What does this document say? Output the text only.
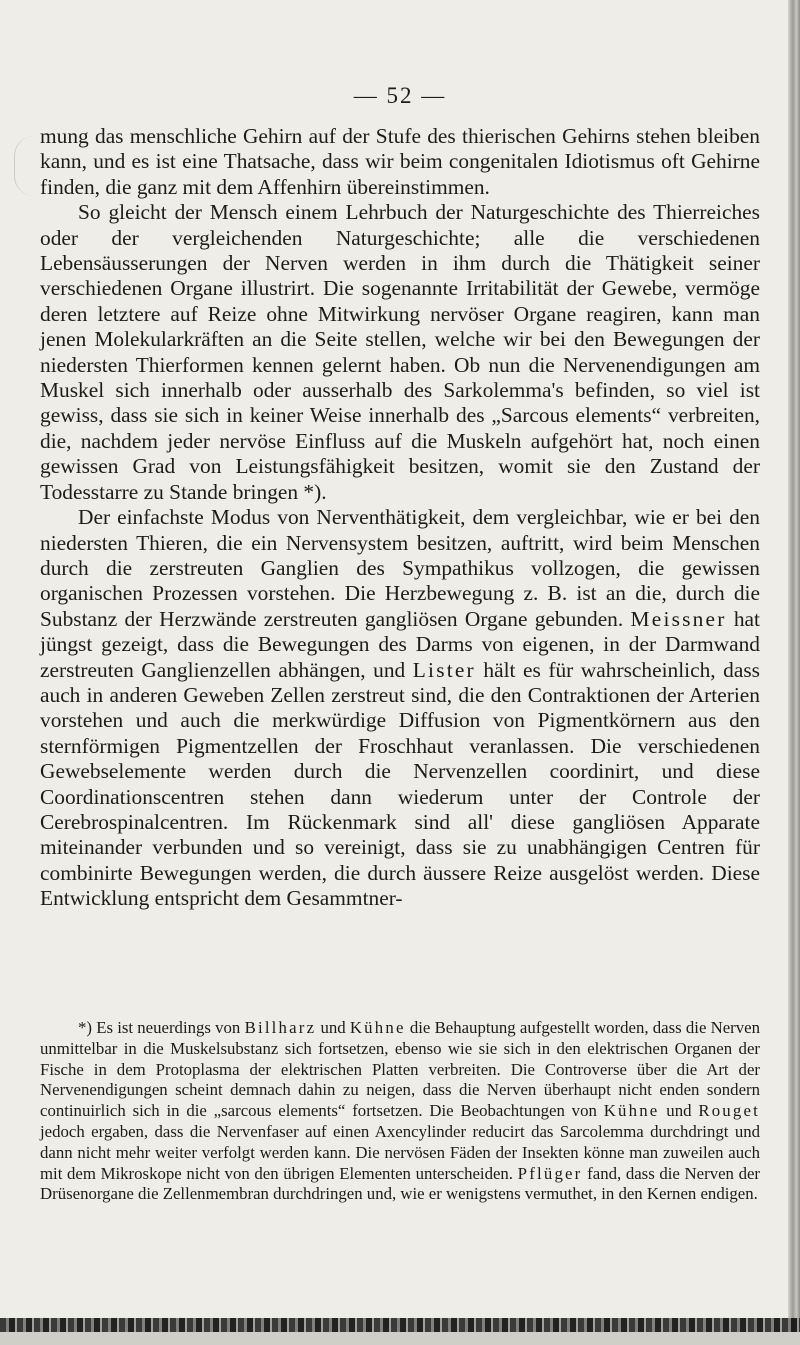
— 52 —

mung das menschliche Gehirn auf der Stufe des thierischen Gehirns stehen bleiben kann, und es ist eine Thatsache, dass wir beim congenitalen Idiotismus oft Gehirne finden, die ganz mit dem Affenhirn übereinstimmen.

So gleicht der Mensch einem Lehrbuch der Naturgeschichte des Thierreiches oder der vergleichenden Naturgeschichte; alle die verschiedenen Lebensäusserungen der Nerven werden in ihm durch die Thätigkeit seiner verschiedenen Organe illustrirt. Die sogenannte Irritabilität der Gewebe, vermöge deren letztere auf Reize ohne Mitwirkung nervöser Organe reagiren, kann man jenen Molekularkräften an die Seite stellen, welche wir bei den Bewegungen der niedersten Thierformen kennen gelernt haben. Ob nun die Nervenendigungen am Muskel sich innerhalb oder ausserhalb des Sarkolemma's befinden, so viel ist gewiss, dass sie sich in keiner Weise innerhalb des „Sarcous elements“ verbreiten, die, nachdem jeder nervöse Einfluss auf die Muskeln aufgehört hat, noch einen gewissen Grad von Leistungsfähigkeit besitzen, womit sie den Zustand der Todesstarre zu Stande bringen *).

Der einfachste Modus von Nerventhätigkeit, dem vergleichbar, wie er bei den niedersten Thieren, die ein Nervensystem besitzen, auftritt, wird beim Menschen durch die zerstreuten Ganglien des Sympathikus vollzogen, die gewissen organischen Prozessen vorstehen. Die Herzbewegung z. B. ist an die, durch die Substanz der Herzwände zerstreuten gangliösen Organe gebunden. Meissner hat jüngst gezeigt, dass die Bewegungen des Darms von eigenen, in der Darmwand zerstreuten Ganglienzellen abhängen, und Lister hält es für wahrscheinlich, dass auch in anderen Geweben Zellen zerstreut sind, die den Contraktionen der Arterien vorstehen und auch die merkwürdige Diffusion von Pigmentkörnern aus den sternförmigen Pigmentzellen der Froschhaut veranlassen. Die verschiedenen Gewebselemente werden durch die Nervenzellen coordinirt, und diese Coordinationscentren stehen dann wiederum unter der Controle der Cerebrospinalcentren. Im Rückenmark sind all' diese gangliösen Apparate miteinander verbunden und so vereinigt, dass sie zu unabhängigen Centren für combinirte Bewegungen werden, die durch äussere Reize ausgelöst werden. Diese Entwicklung entspricht dem Gesammtner-

*) Es ist neuerdings von Billharz und Kühne die Behauptung aufgestellt worden, dass die Nerven unmittelbar in die Muskelsubstanz sich fortsetzen, ebenso wie sie sich in den elektrischen Organen der Fische in dem Protoplasma der elektrischen Platten verbreiten. Die Controverse über die Art der Nervenendigungen scheint demnach dahin zu neigen, dass die Nerven überhaupt nicht enden sondern continuirlich sich in die „sarcous elements“ fortsetzen. Die Beobachtungen von Kühne und Rouget jedoch ergaben, dass die Nervenfaser auf einen Axencylinder reducirt das Sarcolemma durchdringt und dann nicht mehr weiter verfolgt werden kann. Die nervösen Fäden der Insekten könne man zuweilen auch mit dem Mikroskope nicht von den übrigen Elementen unterscheiden. Pflüger fand, dass die Nerven der Drüsenorgane die Zellenmembran durchdringen und, wie er wenigstens vermuthet, in den Kernen endigen.
